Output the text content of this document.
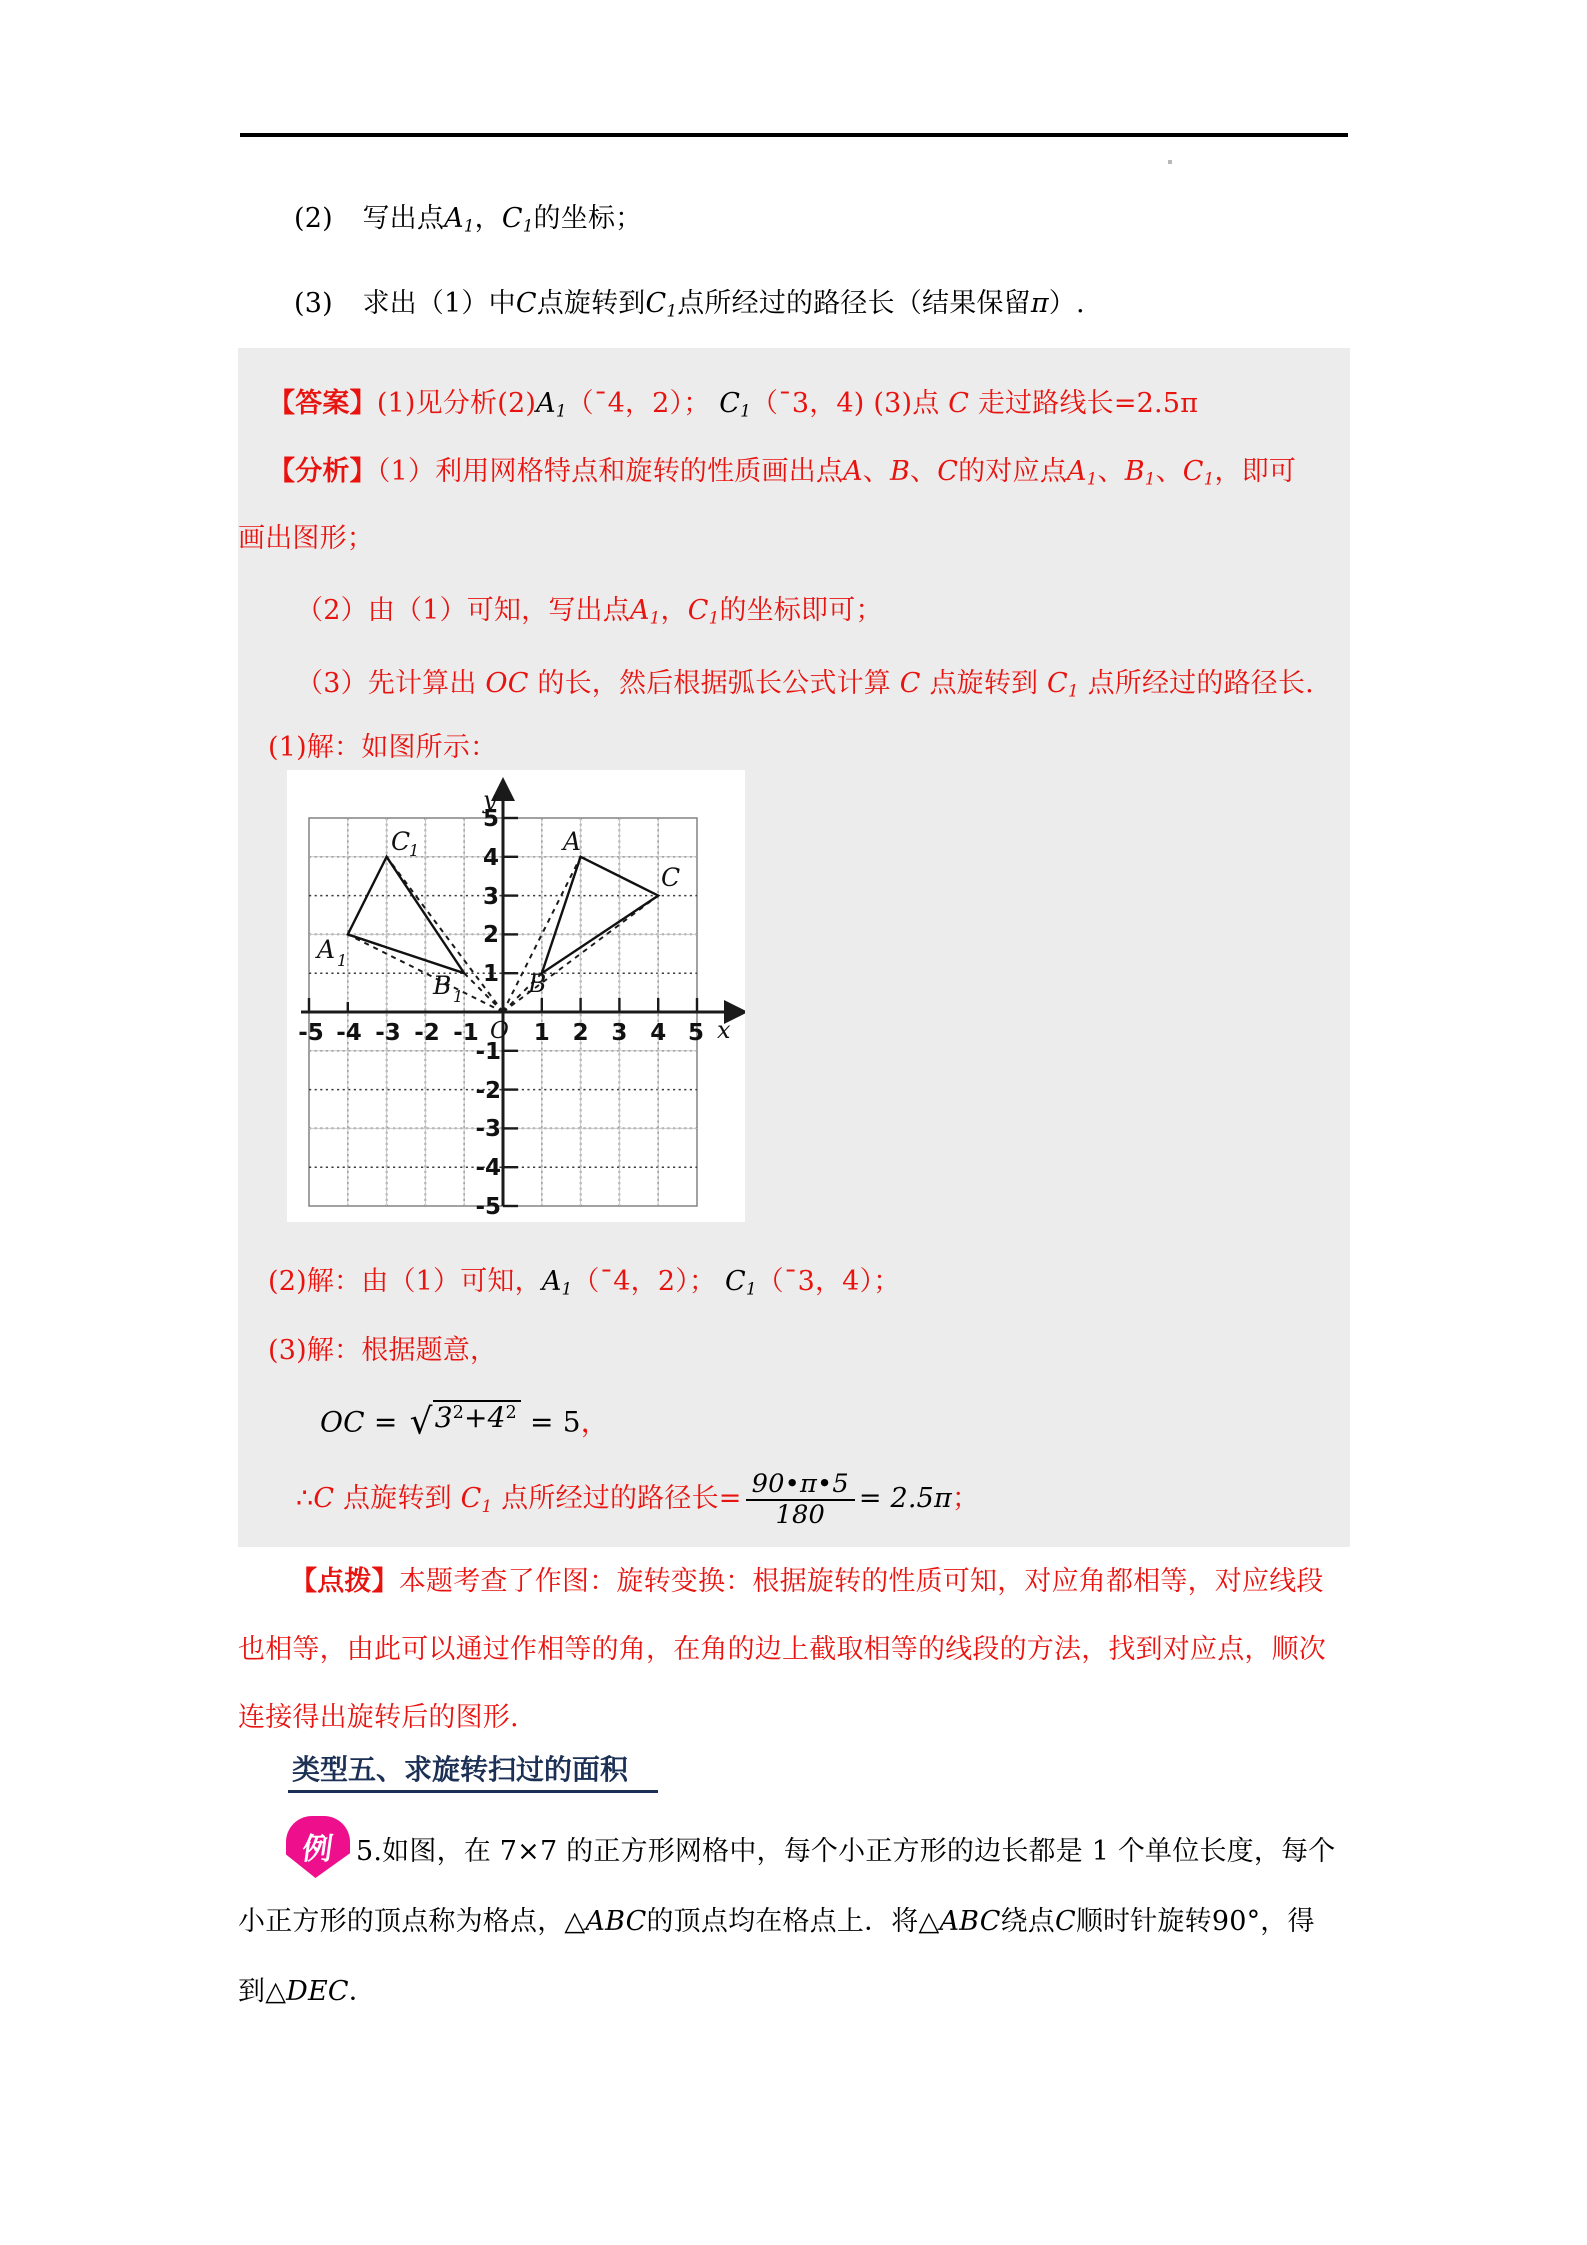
(2) 写出点$A_1$，$C_1$的坐标；
(3) 求出（1）中C点旋转到$C_1$点所经过的路径长（结果保留π）.
【答案】(1)见分析$(2)A_1(ˉ4$，2）； $C_1(ˉ3$，4) (3)点 C 走过路线长=2.5π
【分析】（1）利用网格特点和旋转的性质画出点A、B、C的对应点$A_1$、$B_1$、$C_1$，即可
画出图形；
（2）由（1）可知，写出点$A_1$，$C_1$的坐标即可；
（3）先计算出 OC 的长，然后根据弧长公式计算 C 点旋转到 $C_1$ 点所经过的路径长.
(1)解：如图所示：
y
x
O
5
4
3
2
1
-1
-2
-3
-4
-5
-5 -4 -3 -2 -1 1 2 3 4 5
A
B
C
C
1
A 1
B 1
(2)解：由（1）可知，$A_1(ˉ4$，2）； $C_1(ˉ3$，4）；
(3)解：根据题意，
OC = $√3^2+4^2 = 5$，
∴C 点旋转到 $C_1$ 点所经过的路径长= $\frac{90•\pi•5}{180} = 2.5\pi$；
【点拨】本题考查了作图：旋转变换：根据旋转的性质可知，对应角都相等，对应线段
也相等，由此可以通过作相等的角，在角的边上截取相等的线段的方法，找到对应点，顺次
连接得出旋转后的图形.
类型五、求旋转扫过的面积
例 5.如图，在 7×7 的正方形网格中，每个小正方形的边长都是 1 个单位长度，每个
小正方形的顶点称为格点，△ABC的顶点均在格点上．将△ABC绕点C顺时针旋转90°，得
到△DEC．
